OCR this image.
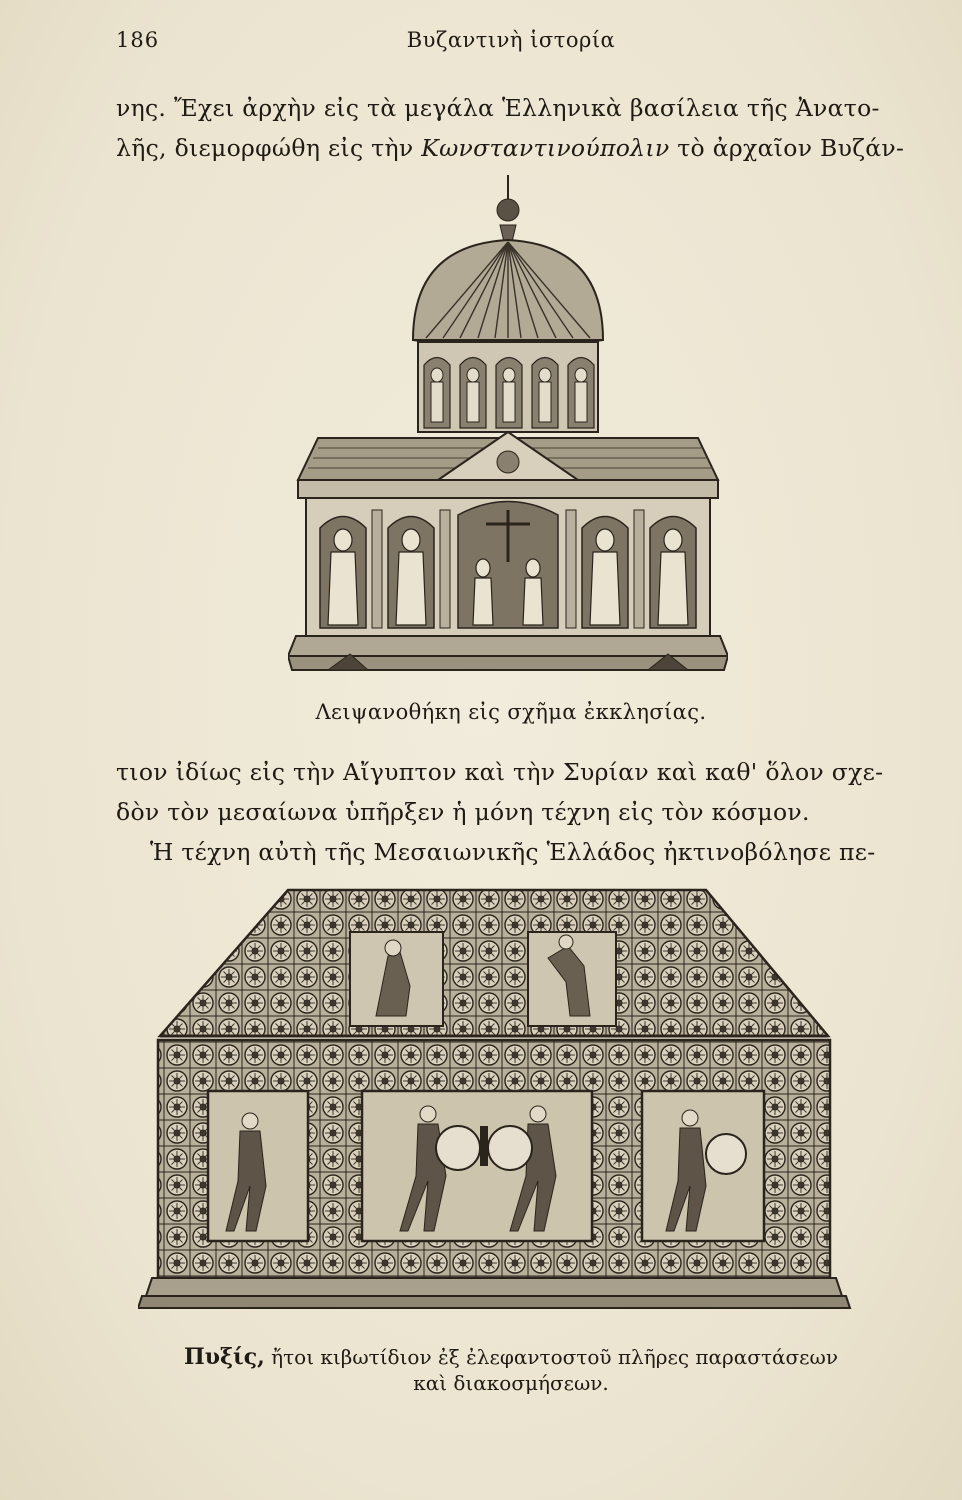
186	Βυζαντινὴ ἱστορία

νης. Ἔχει ἀρχὴν εἰς τὰ μεγάλα Ἑλληνικὰ βασίλεια τῆς Ἀνατο-

λῆς, διεμορφώθη εἰς τὴν Κωνσταντινούπολιν τὸ ἀρχαῖον Βυζάν-

Λειψανοθήκη εἰς σχῆμα ἐκκλησίας.

τιον ἰδίως εἰς τὴν Αἴγυπτον καὶ τὴν Συρίαν καὶ καθ' ὅλον σχε-

δὸν τὸν μεσαίωνα ὑπῆρξεν ἡ μόνη τέχνη εἰς τὸν κόσμον.

Ἡ τέχνη αὐτὴ τῆς Μεσαιωνικῆς Ἑλλάδος ἠκτινοβόλησε πε-

Πυξίς, ἤτοι κιβωτίδιον ἐξ ἐλεφαντοστοῦ πλῆρες παραστάσεων
καὶ διακοσμήσεων.
